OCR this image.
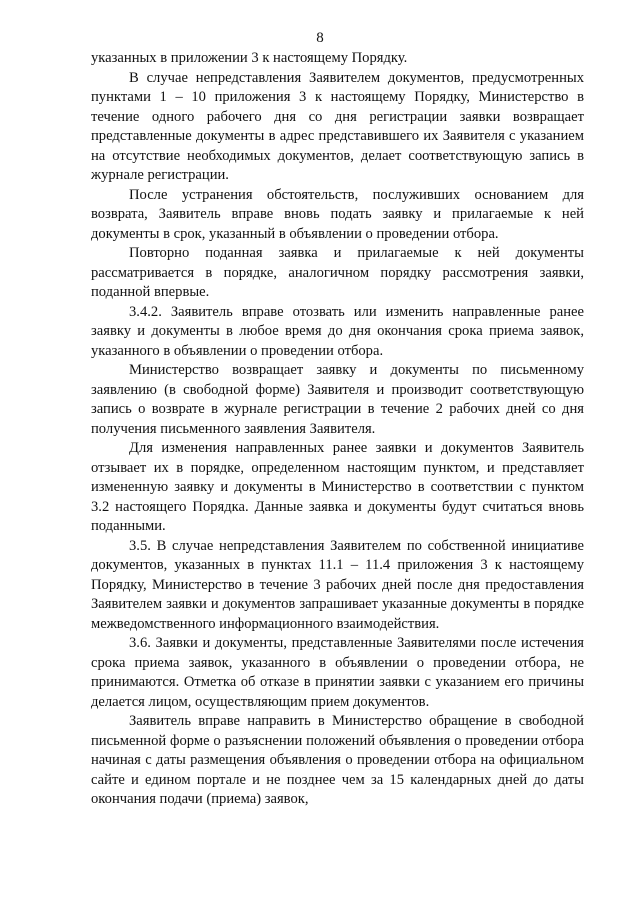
8

указанных в приложении 3 к настоящему Порядку.

В случае непредставления Заявителем документов, предусмотренных пунктами 1 – 10 приложения 3 к настоящему Порядку, Министерство в течение одного рабочего дня со дня регистрации заявки возвращает представленные документы в адрес представившего их Заявителя с указанием на отсутствие необходимых документов, делает соответствующую запись в журнале регистрации.

После устранения обстоятельств, послуживших основанием для возврата, Заявитель вправе вновь подать заявку и прилагаемые к ней документы в срок, указанный в объявлении о проведении отбора.

Повторно поданная заявка и прилагаемые к ней документы рассматривается в порядке, аналогичном порядку рассмотрения заявки, поданной впервые.

3.4.2. Заявитель вправе отозвать или изменить направленные ранее заявку и документы в любое время до дня окончания срока приема заявок, указанного в объявлении о проведении отбора.

Министерство возвращает заявку и документы по письменному заявлению (в свободной форме) Заявителя и производит соответствующую запись о возврате в журнале регистрации в течение 2 рабочих дней со дня получения письменного заявления Заявителя.

Для изменения направленных ранее заявки и документов Заявитель отзывает их в порядке, определенном настоящим пунктом, и представляет измененную заявку и документы в Министерство в соответствии с пунктом 3.2 настоящего Порядка. Данные заявка и документы будут считаться вновь поданными.

3.5. В случае непредставления Заявителем по собственной инициативе документов, указанных в пунктах 11.1 – 11.4 приложения 3 к настоящему Порядку, Министерство в течение 3 рабочих дней после дня предоставления Заявителем заявки и документов запрашивает указанные документы в порядке межведомственного информационного взаимодействия.

3.6. Заявки и документы, представленные Заявителями после истечения срока приема заявок, указанного в объявлении о проведении отбора, не принимаются. Отметка об отказе в принятии заявки с указанием его причины делается лицом, осуществляющим прием документов.

Заявитель вправе направить в Министерство обращение в свободной письменной форме о разъяснении положений объявления о проведении отбора начиная с даты размещения объявления о проведении отбора на официальном сайте и едином портале и не позднее чем за 15 календарных дней до даты окончания подачи (приема) заявок,
